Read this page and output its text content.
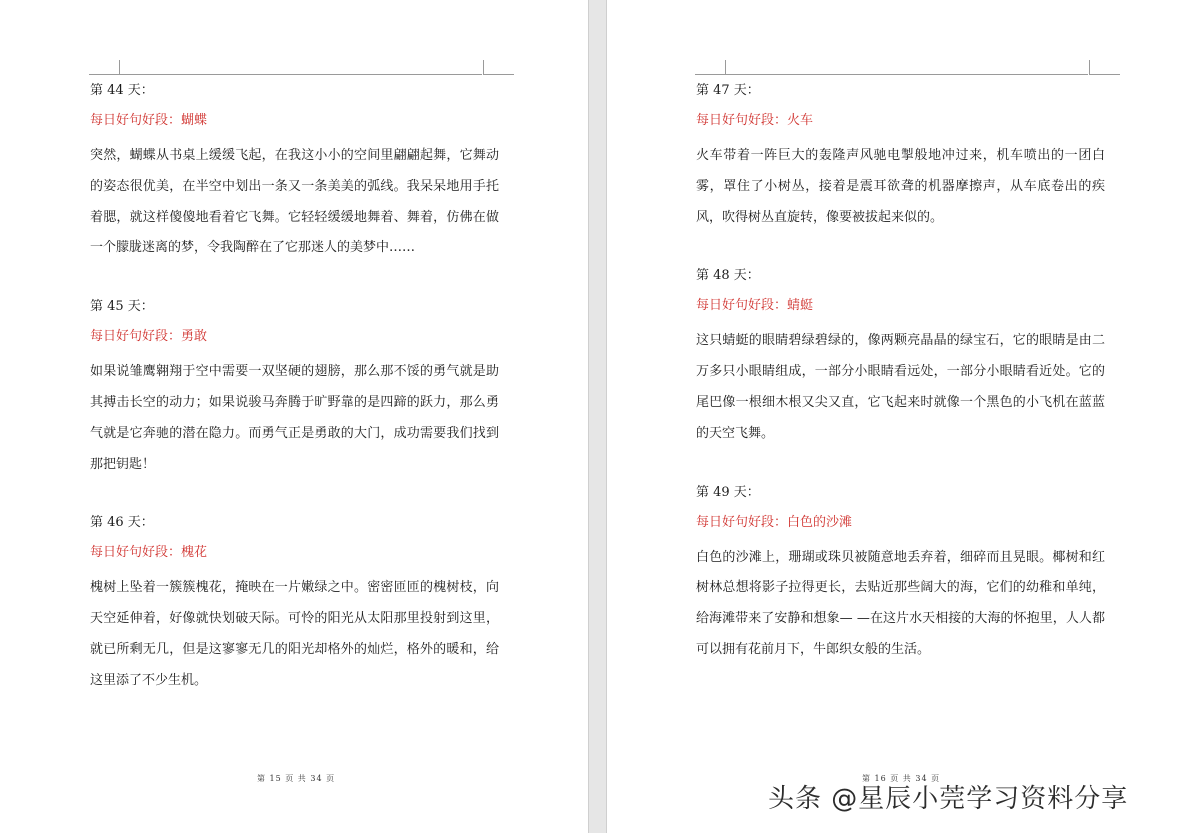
第 44 天：

每日好句好段：蝴蝶

突然，蝴蝶从书桌上缓缓飞起，在我这小小的空间里翩翩起舞，它舞动的姿态很优美，在半空中划出一条又一条美美的弧线。我呆呆地用手托着腮，就这样傻傻地看着它飞舞。它轻轻缓缓地舞着、舞着，仿佛在做一个朦胧迷离的梦，令我陶醉在了它那迷人的美梦中……

第 45 天：

每日好句好段：勇敢

如果说雏鹰翱翔于空中需要一双坚硬的翅膀，那么那不馁的勇气就是助其搏击长空的动力；如果说骏马奔腾于旷野靠的是四蹄的跃力，那么勇气就是它奔驰的潜在隐力。而勇气正是勇敢的大门，成功需要我们找到那把钥匙！

第 46 天：

每日好句好段：槐花

槐树上坠着一簇簇槐花，掩映在一片嫩绿之中。密密匝匝的槐树枝，向天空延伸着，好像就快划破天际。可怜的阳光从太阳那里投射到这里，就已所剩无几，但是这寥寥无几的阳光却格外的灿烂，格外的暖和，给这里添了不少生机。

第 15 页 共 34 页

第 47 天：

每日好句好段：火车

火车带着一阵巨大的轰隆声风驰电掣般地冲过来，机车喷出的一团白雾，罩住了小树丛，接着是震耳欲聋的机器摩擦声，从车底卷出的疾风，吹得树丛直旋转，像要被拔起来似的。

第 48 天：

每日好句好段：蜻蜓

这只蜻蜓的眼睛碧绿碧绿的，像两颗亮晶晶的绿宝石，它的眼睛是由二万多只小眼睛组成，一部分小眼睛看远处，一部分小眼睛看近处。它的尾巴像一根细木根又尖又直，它飞起来时就像一个黑色的小飞机在蓝蓝的天空飞舞。

第 49 天：

每日好句好段：白色的沙滩

白色的沙滩上，珊瑚或珠贝被随意地丢弃着，细碎而且晃眼。椰树和红树林总想将影子拉得更长，去贴近那些阔大的海，它们的幼稚和单纯，给海滩带来了安静和想象— —在这片水天相接的大海的怀抱里，人人都可以拥有花前月下，牛郎织女般的生活。

第 16 页 共 34 页
头条 @星辰小莞学习资料分享
